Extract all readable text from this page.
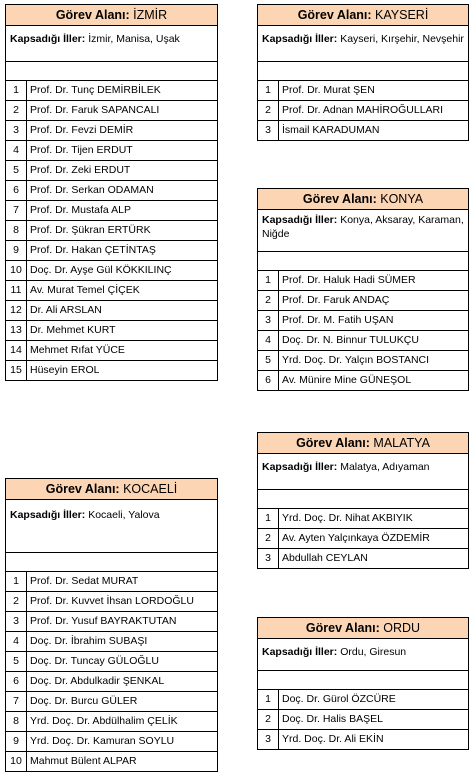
Görev Alanı: İZMİR
Kapsadığı İller: İzmir, Manisa, Uşak
1	Prof. Dr. Tunç DEMİRBİLEK
2	Prof. Dr. Faruk SAPANCALI
3	Prof. Dr. Fevzi DEMİR
4	Prof. Dr. Tijen ERDUT
5	Prof. Dr. Zeki ERDUT
6	Prof. Dr. Serkan ODAMAN
7	Prof. Dr. Mustafa ALP
8	Prof. Dr. Şükran ERTÜRK
9	Prof. Dr. Hakan ÇETİNTAŞ
10 Doç. Dr. Ayşe Gül KÖKKILINÇ
11 Av. Murat Temel ÇİÇEK
12 Dr. Ali ARSLAN
13 Dr. Mehmet KURT
14 Mehmet Rıfat YÜCE
15 Hüseyin EROL
Görev Alanı: KAYSERİ
Kapsadığı İller: Kayseri, Kırşehir, Nevşehir
1	Prof. Dr. Murat ŞEN
2	Prof. Dr. Adnan MAHİROĞULLARI
3	İsmail KARADUMAN
Görev Alanı: KONYA
Kapsadığı İller: Konya, Aksaray, Karaman, Niğde
1	Prof. Dr. Haluk Hadi SÜMER
2	Prof. Dr. Faruk ANDAÇ
3	Prof. Dr. M. Fatih UŞAN
4	Doç. Dr. N. Binnur TULUKÇU
5	Yrd. Doç. Dr. Yalçın BOSTANCI
6	Av. Münire Mine GÜNEŞOL
Görev Alanı: MALATYA
Kapsadığı İller: Malatya, Adıyaman
1	Yrd. Doç. Dr. Nihat AKBIYIK
2	Av. Ayten Yalçınkaya ÖZDEMİR
3	Abdullah CEYLAN
Görev Alanı: KOCAELİ
Kapsadığı İller: Kocaeli, Yalova
1	Prof. Dr. Sedat MURAT
2	Prof. Dr. Kuvvet İhsan LORDOĞLU
3	Prof. Dr. Yusuf BAYRAKTUTAN
4	Doç. Dr. İbrahim SUBAŞI
5	Doç. Dr. Tuncay GÜLOĞLU
6	Doç. Dr. Abdulkadir ŞENKAL
7	Doç. Dr. Burcu GÜLER
8	Yrd. Doç. Dr. Abdülhalim ÇELİK
9	Yrd. Doç. Dr. Kamuran SOYLU
10 Mahmut Bülent ALPAR
Görev Alanı: ORDU
Kapsadığı İller: Ordu, Giresun
1	Doç. Dr. Gürol ÖZCÜRE
2	Doç. Dr. Halis BAŞEL
3	Yrd. Doç. Dr. Ali EKİN
